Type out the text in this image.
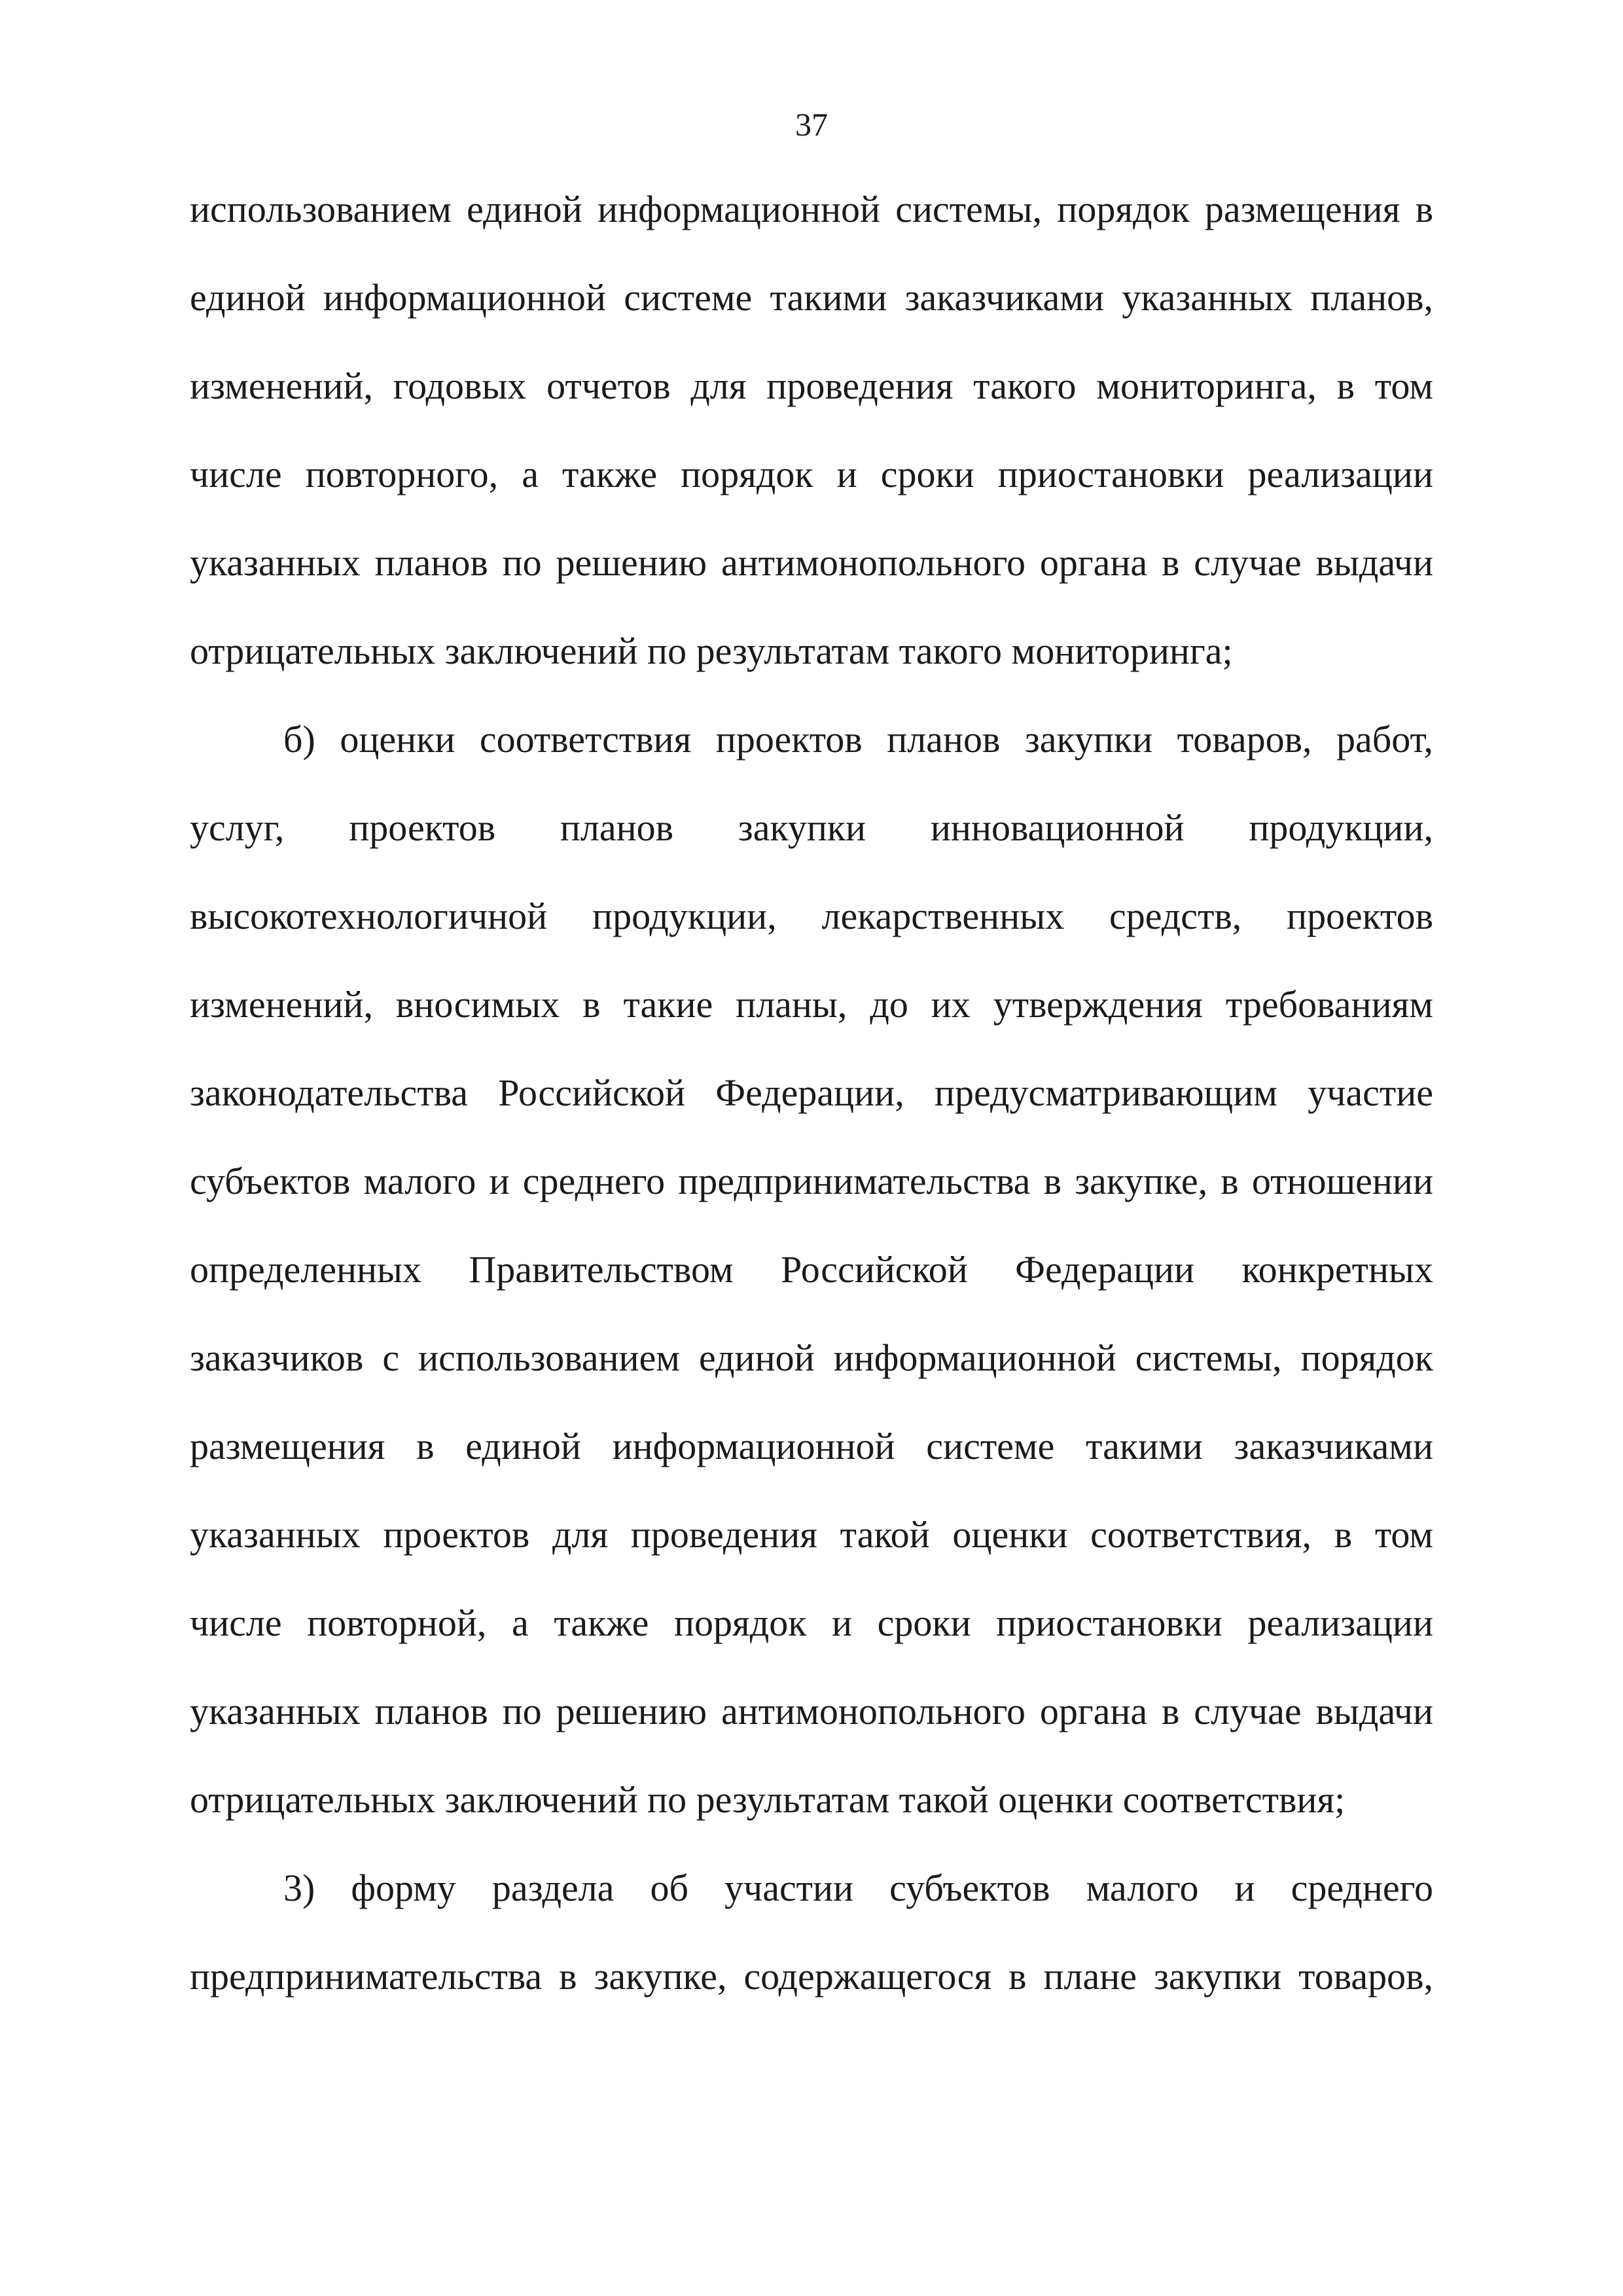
37
использованием единой информационной системы, порядок размещения в
единой информационной системе такими заказчиками указанных планов,
изменений, годовых отчетов для проведения такого мониторинга, в том
числе повторного, а также порядок и сроки приостановки реализации
указанных планов по решению антимонопольного органа в случае выдачи
отрицательных заключений по результатам такого мониторинга;
б) оценки соответствия проектов планов закупки товаров, работ,
услуг, проектов планов закупки инновационной продукции,
высокотехнологичной продукции, лекарственных средств, проектов
изменений, вносимых в такие планы, до их утверждения требованиям
законодательства Российской Федерации, предусматривающим участие
субъектов малого и среднего предпринимательства в закупке, в отношении
определенных Правительством Российской Федерации конкретных
заказчиков с использованием единой информационной системы, порядок
размещения в единой информационной системе такими заказчиками
указанных проектов для проведения такой оценки соответствия, в том
числе повторной, а также порядок и сроки приостановки реализации
указанных планов по решению антимонопольного органа в случае выдачи
отрицательных заключений по результатам такой оценки соответствия;
3) форму раздела об участии субъектов малого и среднего
предпринимательства в закупке, содержащегося в плане закупки товаров,
